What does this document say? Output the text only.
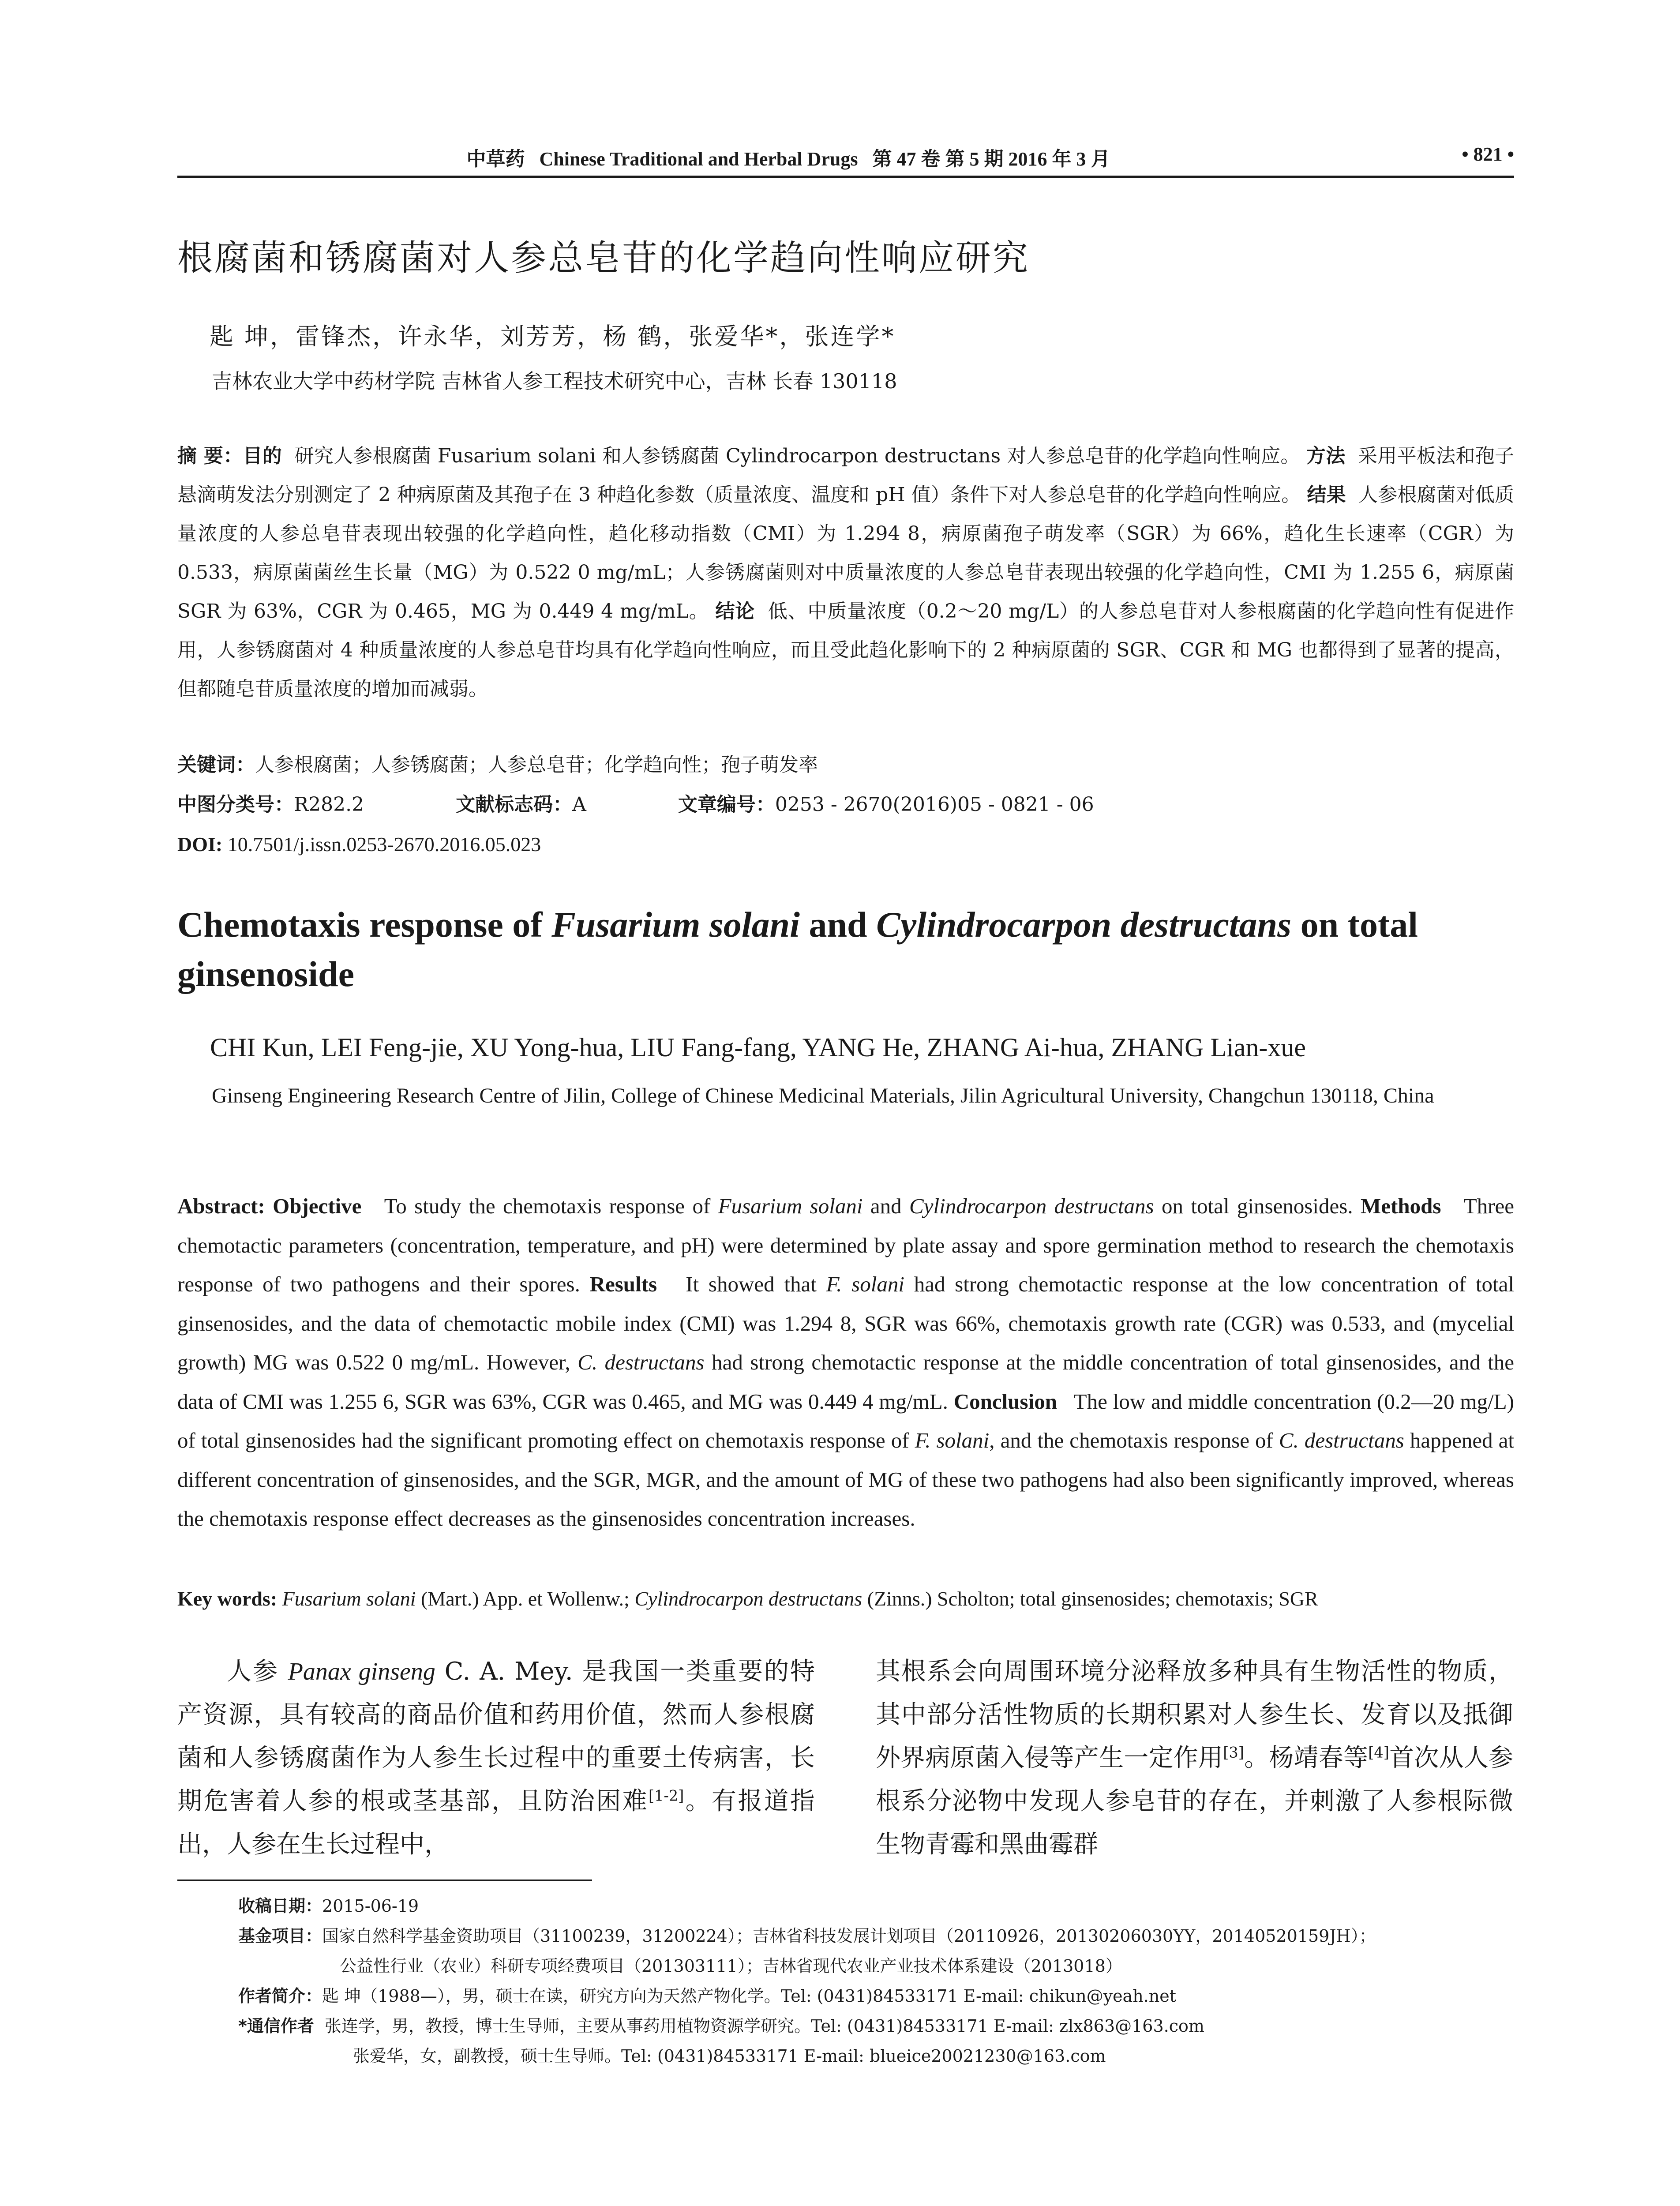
中草药 Chinese Traditional and Herbal Drugs 第 47 卷 第 5 期 2016 年 3 月	• 821 •
根腐菌和锈腐菌对人参总皂苷的化学趋向性响应研究
匙 坤，雷锋杰，许永华，刘芳芳，杨 鹤，张爱华*，张连学*
吉林农业大学中药材学院 吉林省人参工程技术研究中心，吉林 长春 130118
摘 要：目的 研究人参根腐菌 Fusarium solani 和人参锈腐菌 Cylindrocarpon destructans 对人参总皂苷的化学趋向性响应。 方法 采用平板法和孢子悬滴萌发法分别测定了 2 种病原菌及其孢子在 3 种趋化参数（质量浓度、温度和 pH 值）条件下对人参总皂苷的化学趋向性响应。 结果 人参根腐菌对低质量浓度的人参总皂苷表现出较强的化学趋向性，趋化移动指数（CMI）为 1.294 8，病原菌孢子萌发率（SGR）为 66%，趋化生长速率（CGR）为 0.533，病原菌菌丝生长量（MG）为 0.522 0 mg/mL；人参锈腐菌则对中质量浓度的人参总皂苷表现出较强的化学趋向性，CMI 为 1.255 6，病原菌 SGR 为 63%，CGR 为 0.465，MG 为 0.449 4 mg/mL。 结论 低、中质量浓度（0.2～20 mg/L）的人参总皂苷对人参根腐菌的化学趋向性有促进作用，人参锈腐菌对 4 种质量浓度的人参总皂苷均具有化学趋向性响应，而且受此趋化影响下的 2 种病原菌的 SGR、CGR 和 MG 也都得到了显著的提高，但都随皂苷质量浓度的增加而减弱。
关键词：人参根腐菌；人参锈腐菌；人参总皂苷；化学趋向性；孢子萌发率
中图分类号：R282.2	文献标志码：A	文章编号：0253 - 2670(2016)05 - 0821 - 06
DOI: 10.7501/j.issn.0253-2670.2016.05.023
Chemotaxis response of Fusarium solani and Cylindrocarpon destructans on total ginsenoside
CHI Kun, LEI Feng-jie, XU Yong-hua, LIU Fang-fang, YANG He, ZHANG Ai-hua, ZHANG Lian-xue
Ginseng Engineering Research Centre of Jilin, College of Chinese Medicinal Materials, Jilin Agricultural University, Changchun 130118, China
Abstract: Objective To study the chemotaxis response of Fusarium solani and Cylindrocarpon destructans on total ginsenosides. Methods Three chemotactic parameters (concentration, temperature, and pH) were determined by plate assay and spore germination method to research the chemotaxis response of two pathogens and their spores. Results It showed that F. solani had strong chemotactic response at the low concentration of total ginsenosides, and the data of chemotactic mobile index (CMI) was 1.294 8, SGR was 66%, chemotaxis growth rate (CGR) was 0.533, and (mycelial growth) MG was 0.522 0 mg/mL. However, C. destructans had strong chemotactic response at the middle concentration of total ginsenosides, and the data of CMI was 1.255 6, SGR was 63%, CGR was 0.465, and MG was 0.449 4 mg/mL. Conclusion The low and middle concentration (0.2—20 mg/L) of total ginsenosides had the significant promoting effect on chemotaxis response of F. solani, and the chemotaxis response of C. destructans happened at different concentration of ginsenosides, and the SGR, MGR, and the amount of MG of these two pathogens had also been significantly improved, whereas the chemotaxis response effect decreases as the ginsenosides concentration increases.
Key words: Fusarium solani (Mart.) App. et Wollenw.; Cylindrocarpon destructans (Zinns.) Scholton; total ginsenosides; chemotaxis; SGR
人参 Panax ginseng C. A. Mey. 是我国一类重要的特产资源，具有较高的商品价值和药用价值，然而人参根腐菌和人参锈腐菌作为人参生长过程中的重要土传病害，长期危害着人参的根或茎基部，且防治困难[1-2]。有报道指出，人参在生长过程中，
其根系会向周围环境分泌释放多种具有生物活性的物质，其中部分活性物质的长期积累对人参生长、发育以及抵御外界病原菌入侵等产生一定作用[3]。杨靖春等[4]首次从人参根系分泌物中发现人参皂苷的存在，并刺激了人参根际微生物青霉和黑曲霉群
收稿日期：2015-06-19
基金项目：国家自然科学基金资助项目（31100239，31200224）；吉林省科技发展计划项目（20110926，20130206030YY，20140520159JH）；
公益性行业（农业）科研专项经费项目（201303111）；吉林省现代农业产业技术体系建设（2013018）
作者简介：匙 坤（1988—），男，硕士在读，研究方向为天然产物化学。Tel: (0431)84533171 E-mail: chikun@yeah.net
*通信作者 张连学，男，教授，博士生导师，主要从事药用植物资源学研究。Tel: (0431)84533171 E-mail: zlx863@163.com
张爱华，女，副教授，硕士生导师。Tel: (0431)84533171 E-mail: blueice20021230@163.com
